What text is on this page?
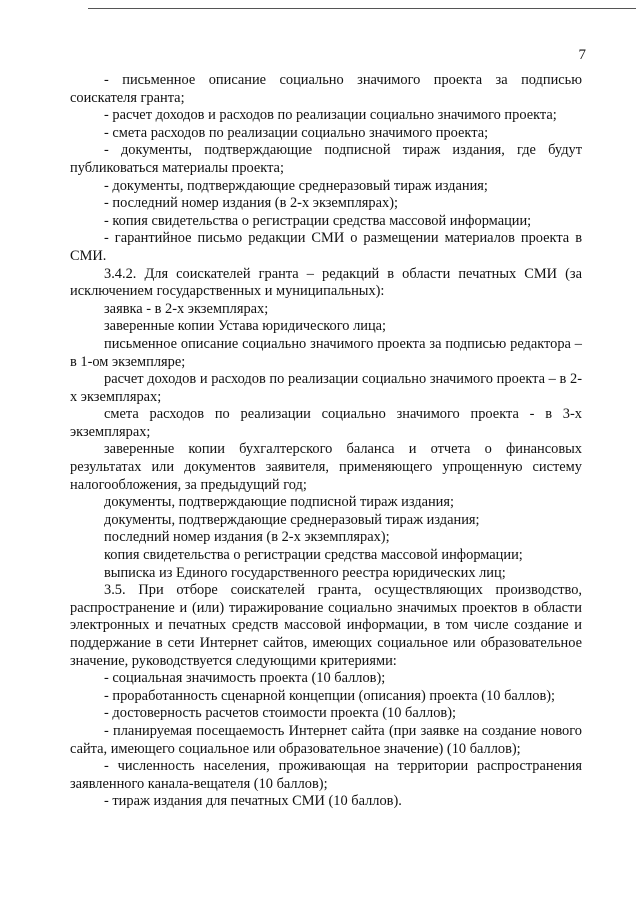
7

- письменное описание социально значимого проекта за подписью соискателя гранта;

- расчет доходов и расходов по реализации социально значимого проекта;

- смета расходов по реализации социально значимого проекта;

- документы, подтверждающие подписной тираж издания, где будут публиковаться материалы проекта;

- документы, подтверждающие среднеразовый тираж издания;

- последний номер издания (в 2-х экземплярах);

- копия свидетельства о регистрации средства массовой информации;

- гарантийное письмо редакции СМИ о размещении материалов проекта в СМИ.

3.4.2. Для соискателей гранта – редакций в области печатных СМИ (за исключением государственных и муниципальных):

заявка - в 2-х экземплярах;

заверенные копии Устава юридического лица;

письменное описание социально значимого проекта за подписью редактора – в 1-ом экземпляре;

расчет доходов и расходов по реализации социально значимого проекта – в 2-х экземплярах;

смета расходов по реализации социально значимого проекта - в 3-х экземплярах;

заверенные копии бухгалтерского баланса и отчета о финансовых результатах или документов заявителя, применяющего упрощенную систему налогообложения, за предыдущий год;

документы, подтверждающие подписной тираж издания;

документы, подтверждающие среднеразовый тираж издания;

последний номер издания (в 2-х экземплярах);

копия свидетельства о регистрации средства массовой информации;

выписка из Единого государственного реестра юридических лиц;

3.5. При отборе соискателей гранта, осуществляющих производство, распространение и (или) тиражирование социально значимых проектов в области электронных и печатных средств массовой информации, в том числе создание и поддержание в сети Интернет сайтов, имеющих социальное или образовательное значение, руководствуется следующими критериями:

- социальная значимость проекта (10 баллов);

- проработанность сценарной концепции (описания) проекта (10 баллов);

- достоверность расчетов стоимости проекта (10 баллов);

- планируемая посещаемость Интернет сайта (при заявке на создание нового сайта, имеющего социальное или образовательное значение) (10 баллов);

- численность населения, проживающая на территории распространения заявленного канала-вещателя (10 баллов);

- тираж издания для печатных СМИ (10 баллов).
